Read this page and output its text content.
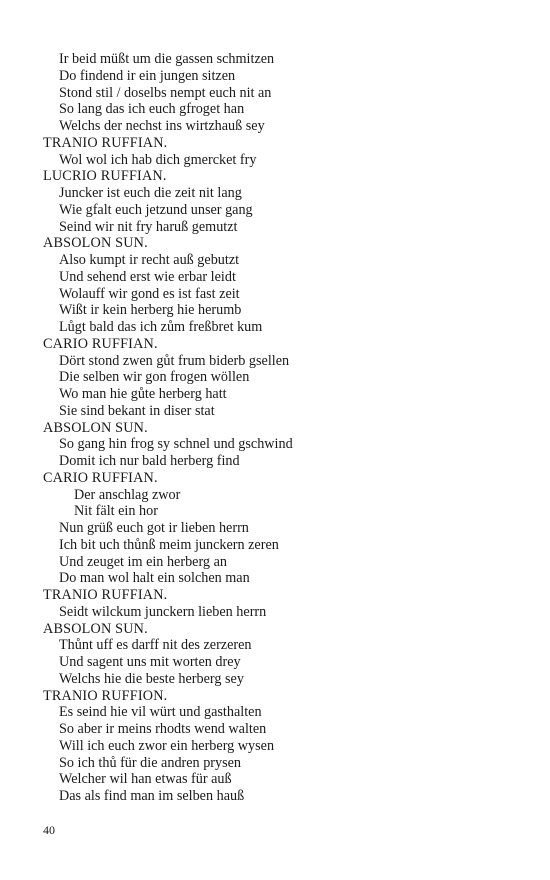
Ir beid müßt um die gassen schmitzen
Do findend ir ein jungen sitzen
Stond stil / doselbs nempt euch nit an
So lang das ich euch gfroget han
Welchs der nechst ins wirtzhauß sey
TRANIO RUFFIAN.
Wol wol ich hab dich gmercket fry
LUCRIO RUFFIAN.
Juncker ist euch die zeit nit lang
Wie gfalt euch jetzund unser gang
Seind wir nit fry haruß gemutzt
ABSOLON SUN.
Also kumpt ir recht auß gebutzt
Und sehend erst wie erbar leidt
Wolauff wir gond es ist fast zeit
Wißt ir kein herberg hie herumb
Lůgt bald das ich zům freßbret kum
CARIO RUFFIAN.
Dört stond zwen gůt frum biderb gsellen
Die selben wir gon frogen wöllen
Wo man hie gůte herberg hatt
Sie sind bekant in diser stat
ABSOLON SUN.
So gang hin frog sy schnel und gschwind
Domit ich nur bald herberg find
CARIO RUFFIAN.
Der anschlag zwor
Nit fält ein hor
Nun grüß euch got ir lieben herrn
Ich bit uch thůnß meim junckern zeren
Und zeuget im ein herberg an
Do man wol halt ein solchen man
TRANIO RUFFIAN.
Seidt wilckum junckern lieben herrn
ABSOLON SUN.
Thůnt uff es darff nit des zerzeren
Und sagent uns mit worten drey
Welchs hie die beste herberg sey
TRANIO RUFFION.
Es seind hie vil würt und gasthalten
So aber ir meins rhodts wend walten
Will ich euch zwor ein herberg wysen
So ich thů für die andren prysen
Welcher wil han etwas für auß
Das als find man im selben hauß
40
